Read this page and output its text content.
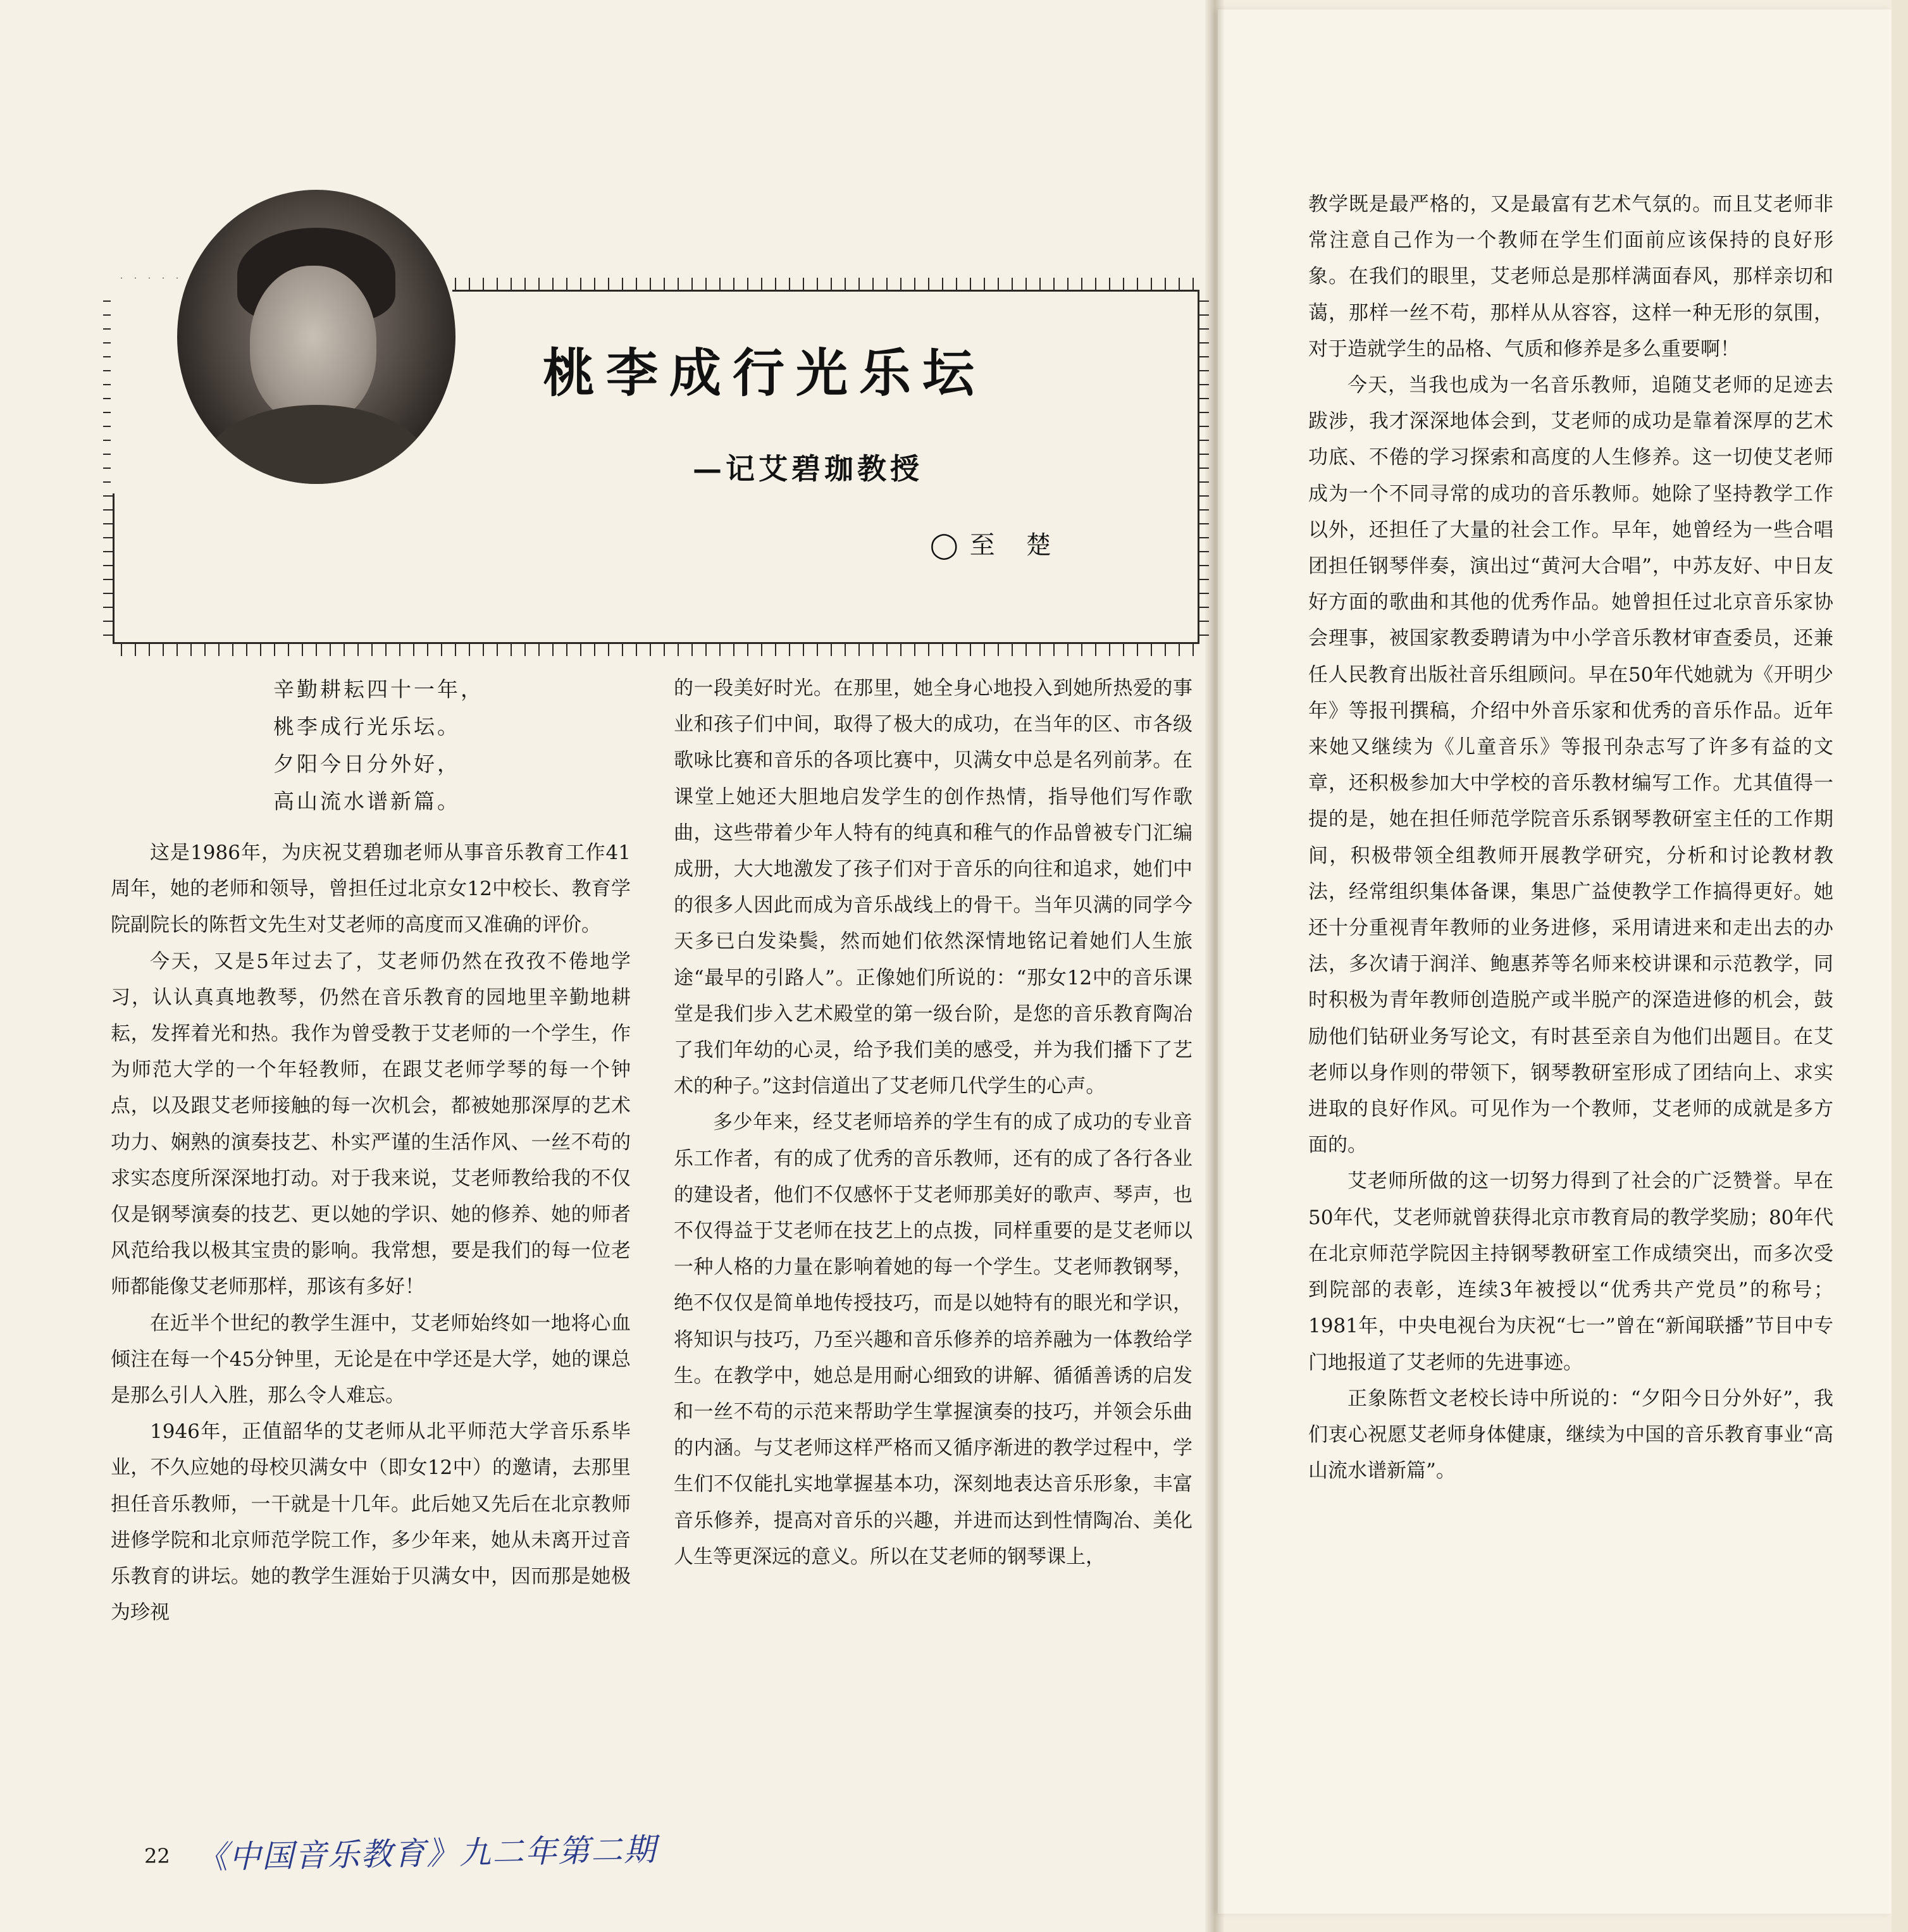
桃李成行光乐坛
—记艾碧珈教授
◯至 楚
辛勤耕耘四十一年，
桃李成行光乐坛。
夕阳今日分外好，
高山流水谱新篇。

这是1986年，为庆祝艾碧珈老师从事音乐教育工作41周年，她的老师和领导，曾担任过北京女12中校长、教育学院副院长的陈哲文先生对艾老师的高度而又准确的评价。

今天，又是5年过去了，艾老师仍然在孜孜不倦地学习，认认真真地教琴，仍然在音乐教育的园地里辛勤地耕耘，发挥着光和热。我作为曾受教于艾老师的一个学生，作为师范大学的一个年轻教师，在跟艾老师学琴的每一个钟点，以及跟艾老师接触的每一次机会，都被她那深厚的艺术功力、娴熟的演奏技艺、朴实严谨的生活作风、一丝不苟的求实态度所深深地打动。对于我来说，艾老师教给我的不仅仅是钢琴演奏的技艺、更以她的学识、她的修养、她的师者风范给我以极其宝贵的影响。我常想，要是我们的每一位老师都能像艾老师那样，那该有多好！

在近半个世纪的教学生涯中，艾老师始终如一地将心血倾注在每一个45分钟里，无论是在中学还是大学，她的课总是那么引人入胜，那么令人难忘。

1946年，正值韶华的艾老师从北平师范大学音乐系毕业，不久应她的母校贝满女中（即女12中）的邀请，去那里担任音乐教师，一干就是十几年。此后她又先后在北京教师进修学院和北京师范学院工作，多少年来，她从未离开过音乐教育的讲坛。她的教学生涯始于贝满女中，因而那是她极为珍视

的一段美好时光。在那里，她全身心地投入到她所热爱的事业和孩子们中间，取得了极大的成功，在当年的区、市各级歌咏比赛和音乐的各项比赛中，贝满女中总是名列前茅。在课堂上她还大胆地启发学生的创作热情，指导他们写作歌曲，这些带着少年人特有的纯真和稚气的作品曾被专门汇编成册，大大地激发了孩子们对于音乐的向往和追求，她们中的很多人因此而成为音乐战线上的骨干。当年贝满的同学今天多已白发染鬓，然而她们依然深情地铭记着她们人生旅途“最早的引路人”。正像她们所说的：“那女12中的音乐课堂是我们步入艺术殿堂的第一级台阶，是您的音乐教育陶冶了我们年幼的心灵，给予我们美的感受，并为我们播下了艺术的种子。”这封信道出了艾老师几代学生的心声。

多少年来，经艾老师培养的学生有的成了成功的专业音乐工作者，有的成了优秀的音乐教师，还有的成了各行各业的建设者，他们不仅感怀于艾老师那美好的歌声、琴声，也不仅得益于艾老师在技艺上的点拨，同样重要的是艾老师以一种人格的力量在影响着她的每一个学生。艾老师教钢琴，绝不仅仅是简单地传授技巧，而是以她特有的眼光和学识，将知识与技巧，乃至兴趣和音乐修养的培养融为一体教给学生。在教学中，她总是用耐心细致的讲解、循循善诱的启发和一丝不苟的示范来帮助学生掌握演奏的技巧，并领会乐曲的内涵。与艾老师这样严格而又循序渐进的教学过程中，学生们不仅能扎实地掌握基本功，深刻地表达音乐形象，丰富音乐修养，提高对音乐的兴趣，并进而达到性情陶冶、美化人生等更深远的意义。所以在艾老师的钢琴课上，

教学既是最严格的，又是最富有艺术气氛的。而且艾老师非常注意自己作为一个教师在学生们面前应该保持的良好形象。在我们的眼里，艾老师总是那样满面春风，那样亲切和蔼，那样一丝不苟，那样从从容容，这样一种无形的氛围，对于造就学生的品格、气质和修养是多么重要啊！

今天，当我也成为一名音乐教师，追随艾老师的足迹去跋涉，我才深深地体会到，艾老师的成功是靠着深厚的艺术功底、不倦的学习探索和高度的人生修养。这一切使艾老师成为一个不同寻常的成功的音乐教师。她除了坚持教学工作以外，还担任了大量的社会工作。早年，她曾经为一些合唱团担任钢琴伴奏，演出过“黄河大合唱”，中苏友好、中日友好方面的歌曲和其他的优秀作品。她曾担任过北京音乐家协会理事，被国家教委聘请为中小学音乐教材审查委员，还兼任人民教育出版社音乐组顾问。早在50年代她就为《开明少年》等报刊撰稿，介绍中外音乐家和优秀的音乐作品。近年来她又继续为《儿童音乐》等报刊杂志写了许多有益的文章，还积极参加大中学校的音乐教材编写工作。尤其值得一提的是，她在担任师范学院音乐系钢琴教研室主任的工作期间，积极带领全组教师开展教学研究，分析和讨论教材教法，经常组织集体备课，集思广益使教学工作搞得更好。她还十分重视青年教师的业务进修，采用请进来和走出去的办法，多次请于润洋、鲍惠荞等名师来校讲课和示范教学，同时积极为青年教师创造脱产或半脱产的深造进修的机会，鼓励他们钻研业务写论文，有时甚至亲自为他们出题目。在艾老师以身作则的带领下，钢琴教研室形成了团结向上、求实进取的良好作风。可见作为一个教师，艾老师的成就是多方面的。

艾老师所做的这一切努力得到了社会的广泛赞誉。早在50年代，艾老师就曾获得北京市教育局的教学奖励；80年代在北京师范学院因主持钢琴教研室工作成绩突出，而多次受到院部的表彰，连续3年被授以“优秀共产党员”的称号；1981年，中央电视台为庆祝“七一”曾在“新闻联播”节目中专门地报道了艾老师的先进事迹。

正象陈哲文老校长诗中所说的：“夕阳今日分外好”，我们衷心祝愿艾老师身体健康，继续为中国的音乐教育事业“高山流水谱新篇”。

22 《中国音乐教育》九二年第二期
